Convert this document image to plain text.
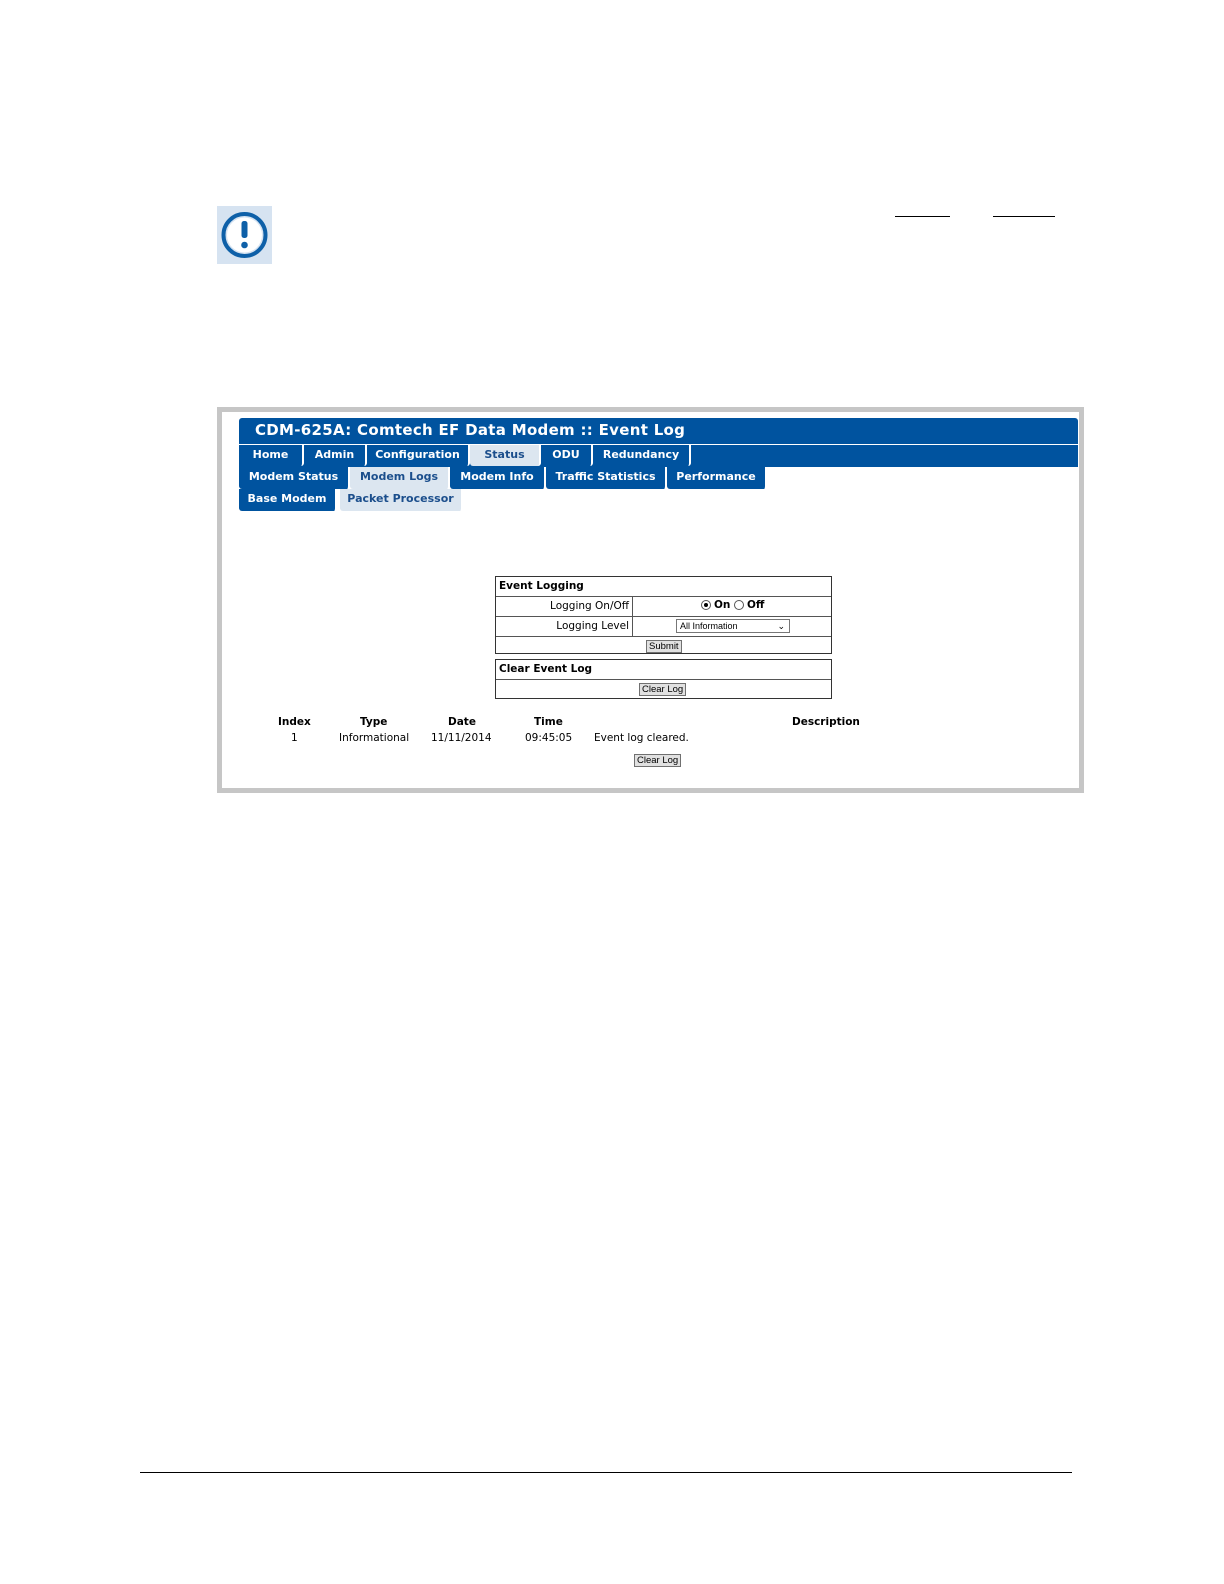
CDM-625A: Comtech EF Data Modem :: Event Log
Home	Admin	Configuration	Status	ODU	Redundancy
Modem Status	Modem Logs	Modem Info	Traffic Statistics	Performance
Base Modem	Packet Processor
Event Logging
Logging On/Off	On Off
Logging Level	All Information	⌄
Submit
Clear Event Log
Clear Log
Index	Type	Date	Time	Description
1	Informational 11/11/2014	09:45:05 Event log cleared.
Clear Log
